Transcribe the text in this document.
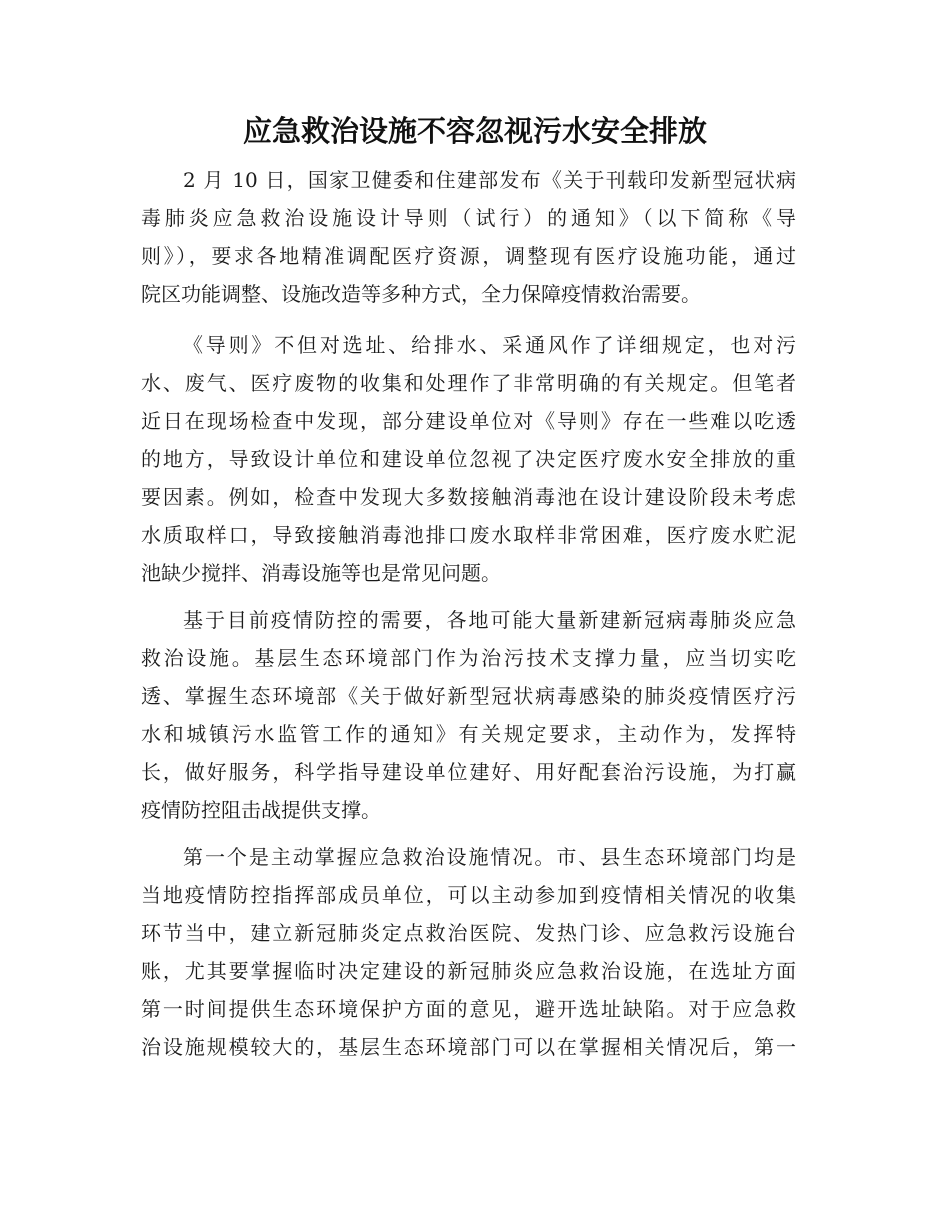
应急救治设施不容忽视污水安全排放
2 月 10 日，国家卫健委和住建部发布《关于刊载印发新型冠状病
毒肺炎应急救治设施设计导则（试行）的通知》（以下简称《导
则》），要求各地精准调配医疗资源，调整现有医疗设施功能，通过
院区功能调整、设施改造等多种方式，全力保障疫情救治需要。
《导则》不但对选址、给排水、采通风作了详细规定，也对污
水、废气、医疗废物的收集和处理作了非常明确的有关规定。但笔者
近日在现场检查中发现，部分建设单位对《导则》存在一些难以吃透
的地方，导致设计单位和建设单位忽视了决定医疗废水安全排放的重
要因素。例如，检查中发现大多数接触消毒池在设计建设阶段未考虑
水质取样口，导致接触消毒池排口废水取样非常困难，医疗废水贮泥
池缺少搅拌、消毒设施等也是常见问题。
基于目前疫情防控的需要，各地可能大量新建新冠病毒肺炎应急
救治设施。基层生态环境部门作为治污技术支撑力量，应当切实吃
透、掌握生态环境部《关于做好新型冠状病毒感染的肺炎疫情医疗污
水和城镇污水监管工作的通知》有关规定要求，主动作为，发挥特
长，做好服务，科学指导建设单位建好、用好配套治污设施，为打赢
疫情防控阻击战提供支撑。
第一个是主动掌握应急救治设施情况。市、县生态环境部门均是
当地疫情防控指挥部成员单位，可以主动参加到疫情相关情况的收集
环节当中，建立新冠肺炎定点救治医院、发热门诊、应急救污设施台
账，尤其要掌握临时决定建设的新冠肺炎应急救治设施，在选址方面
第一时间提供生态环境保护方面的意见，避开选址缺陷。对于应急救
治设施规模较大的，基层生态环境部门可以在掌握相关情况后，第一
